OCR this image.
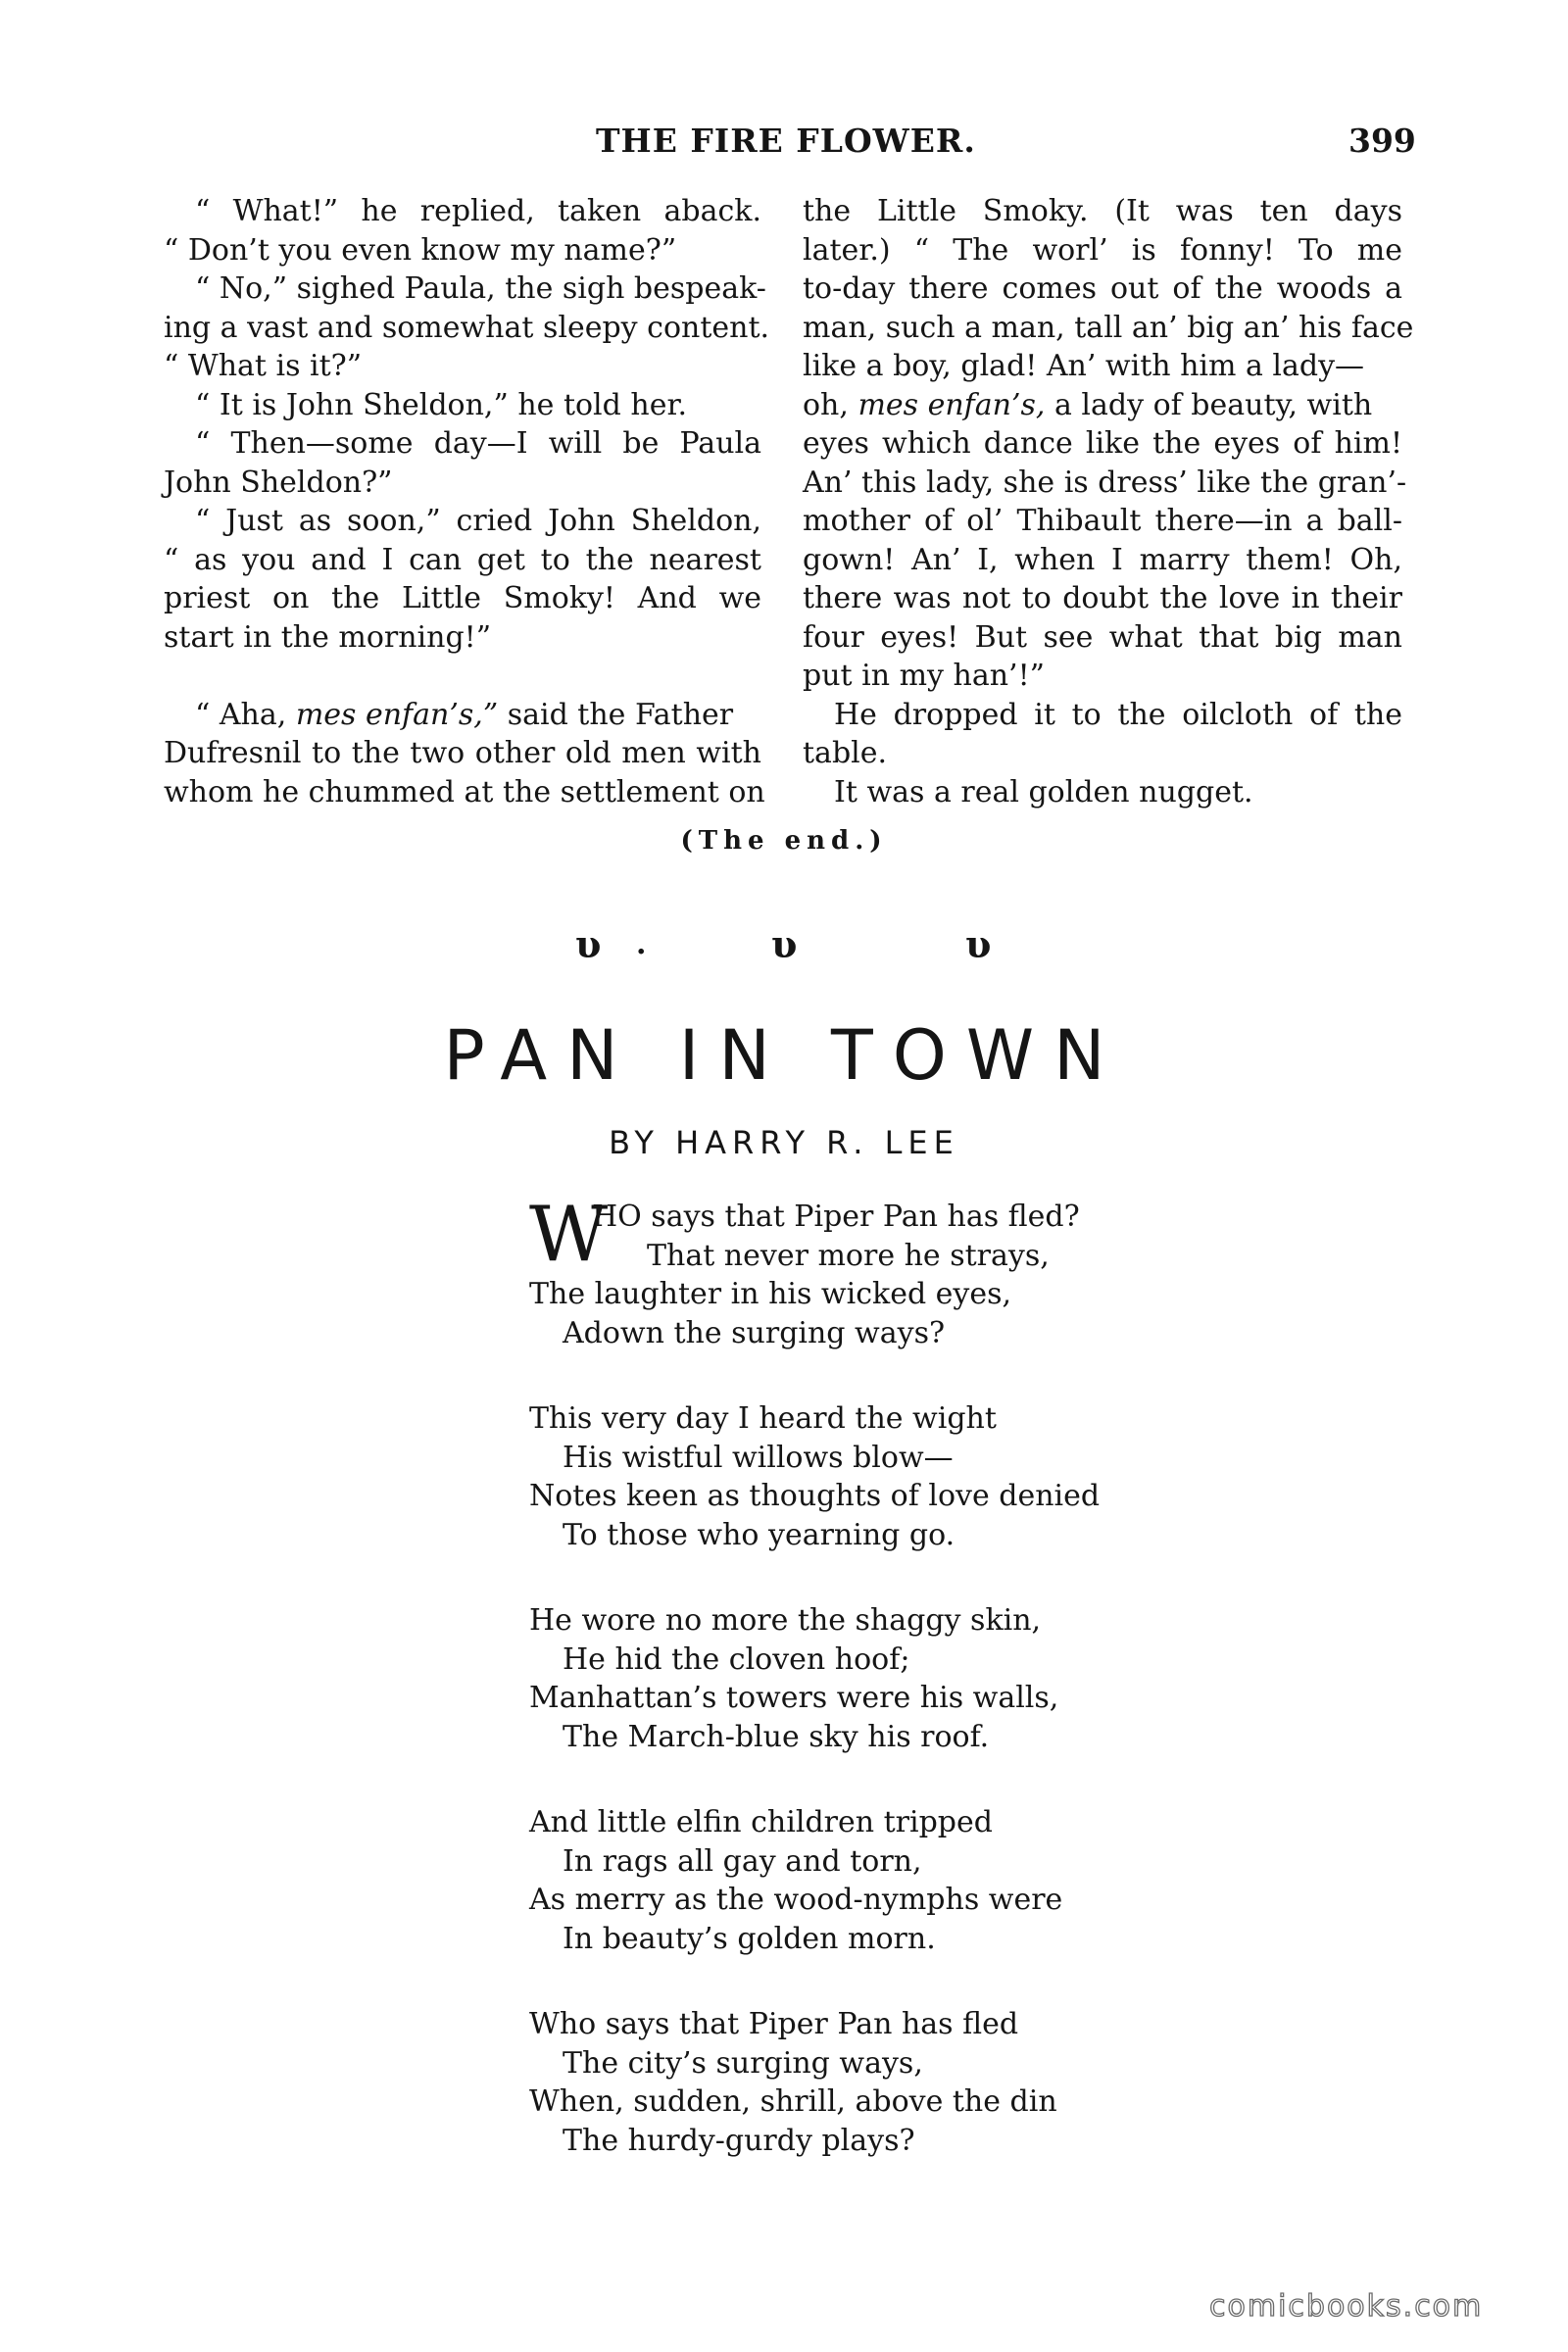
THE FIRE FLOWER.	399
“ What!” he replied, taken aback.
“ Don’t you even know my name?”
“ No,” sighed Paula, the sigh bespeak-
ing a vast and somewhat sleepy content.
“ What is it?”
“ It is John Sheldon,” he told her.
“ Then—some day—I will be Paula
John Sheldon?”
“ Just as soon,” cried John Sheldon,
“ as you and I can get to the nearest
priest on the Little Smoky! And we
start in the morning!”
“ Aha, mes enfan’s,” said the Father
Dufresnil to the two other old men with
whom he chummed at the settlement on
the Little Smoky. (It was ten days
later.) “ The worl’ is fonny! To me
to-day there comes out of the woods a
man, such a man, tall an’ big an’ his face
like a boy, glad! An’ with him a lady—
oh, mes enfan’s, a lady of beauty, with
eyes which dance like the eyes of him!
An’ this lady, she is dress’ like the gran’-
mother of ol’ Thibault there—in a ball-
gown! An’ I, when I marry them! Oh,
there was not to doubt the love in their
four eyes! But see what that big man
put in my han’!”
He dropped it to the oilcloth of the
table.
It was a real golden nugget.
(The end.)
𝛖 .	𝛖	𝛖
PAN IN TOWN
BY HARRY R. LEE
W
HO says that Piper Pan has fled?
That never more he strays,
The laughter in his wicked eyes,
Adown the surging ways?
This very day I heard the wight
His wistful willows blow—
Notes keen as thoughts of love denied
To those who yearning go.
He wore no more the shaggy skin,
He hid the cloven hoof;
Manhattan’s towers were his walls,
The March-blue sky his roof.
And little elfin children tripped
In rags all gay and torn,
As merry as the wood-nymphs were
In beauty’s golden morn.
Who says that Piper Pan has fled
The city’s surging ways,
When, sudden, shrill, above the din
The hurdy-gurdy plays?
comicbooks.com
